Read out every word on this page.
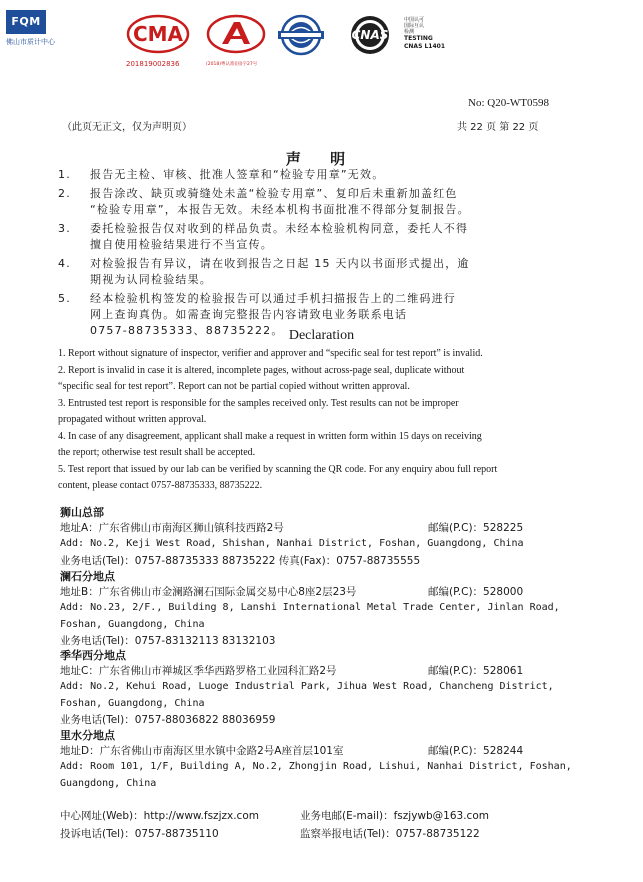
FQM
佛山市质计中心	CMA
201819002836	(2018)粤认准(国)字27号
CNAS
中国认可
国际互认
检测
TESTING
CNAS L1401
No: Q20-WT0598
（此页无正文，仅为声明页）	共 22 页 第 22 页
声 明
1. 报告无主检、审核、批准人签章和“检验专用章”无效。
2. 报告涂改、缺页或骑缝处未盖“检验专用章”、复印后未重新加盖红色
“检验专用章”，本报告无效。未经本机构书面批准不得部分复制报告。
3. 委托检验报告仅对收到的样品负责。未经本检验机构同意，委托人不得
擅自使用检验结果进行不当宣传。
4. 对检验报告有异议，请在收到报告之日起 15 天内以书面形式提出，逾
期视为认同检验结果。
5. 经本检验机构签发的检验报告可以通过手机扫描报告上的二维码进行
网上查询真伪。如需查询完整报告内容请致电业务联系电话
0757-88735333、88735222。 Declaration

1. Report without signature of inspector, verifier and approver and “specific seal for test report” is invalid.

2. Report is invalid in case it is altered, incomplete pages, without across-page seal, duplicate without
“specific seal for test report”. Report can not be partial copied without written approval.

3. Entrusted test report is responsible for the samples received only. Test results can not be improper
propagated without written approval.

4. In case of any disagreement, applicant shall make a request in written form within 15 days on receiving
the report; otherwise test result shall be accepted.

5. Test report that issued by our lab can be verified by scanning the QR code. For any enquiry abou full report
content, please contact 0757-88735333, 88735222.

狮山总部
地址A：广东省佛山市南海区狮山镇科技西路2号	邮编(P.C)：528225
Add: No.2, Keji West Road, Shishan, Nanhai District, Foshan, Guangdong, China
业务电话(Tel)：0757-88735333 88735222 传真(Fax)：0757-88735555
澜石分地点
地址B：广东省佛山市金澜路澜石国际金属交易中心8座2层23号	邮编(P.C)：528000
Add: No.23, 2/F., Building 8, Lanshi International Metal Trade Center, Jinlan Road,
Foshan, Guangdong, China
业务电话(Tel)：0757-83132113 83132103
季华西分地点
地址C：广东省佛山市禅城区季华西路罗格工业园科汇路2号	邮编(P.C)：528061
Add: No.2, Kehui Road, Luoge Industrial Park, Jihua West Road, Chancheng District,
Foshan, Guangdong, China
业务电话(Tel)：0757-88036822 88036959
里水分地点
地址D：广东省佛山市南海区里水镇中金路2号A座首层101室	邮编(P.C)：528244
Add: Room 101, 1/F, Building A, No.2, Zhongjin Road, Lishui, Nanhai District, Foshan,
Guangdong, China
中心网址(Web)：http://www.fszjzx.com	业务电邮(E-mail)：fszjywb@163.com
投诉电话(Tel)：0757-88735110	监察举报电话(Tel)：0757-88735122
